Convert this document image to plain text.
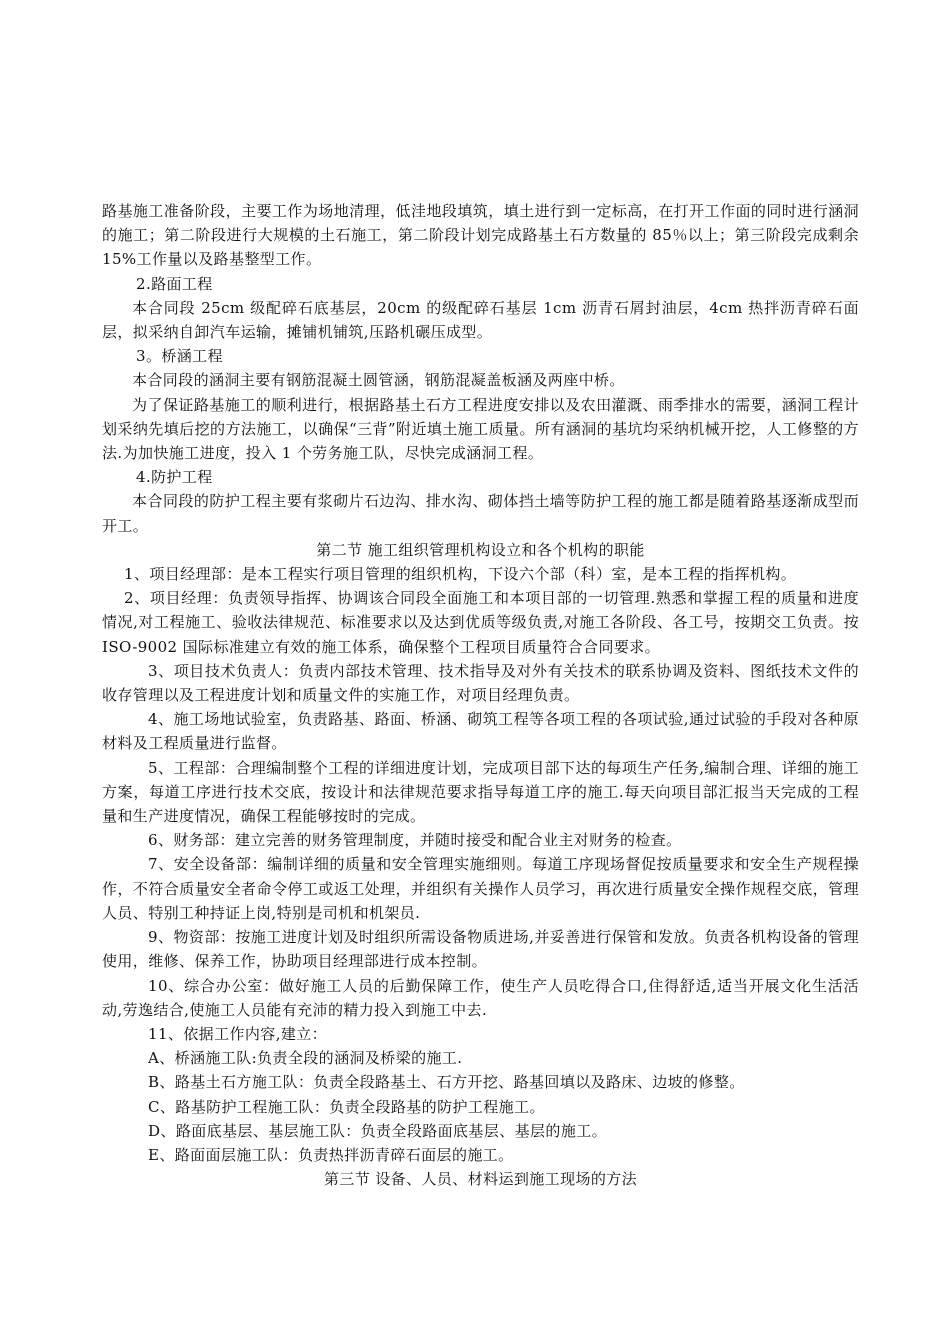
路基施工准备阶段，主要工作为场地清理，低洼地段填筑，填土进行到一定标高，在打开工作面的同时进行涵洞的施工；第二阶段进行大规模的土石施工，第二阶段计划完成路基土石方数量的 85％以上；第三阶段完成剩余 15%工作量以及路基整型工作。

2.路面工程

本合同段 25cm 级配碎石底基层，20cm 的级配碎石基层 1cm 沥青石屑封油层，4cm 热拌沥青碎石面层，拟采纳自卸汽车运输，摊铺机铺筑,压路机碾压成型。

3。桥涵工程

本合同段的涵洞主要有钢筋混凝土圆管涵，钢筋混凝盖板涵及两座中桥。

为了保证路基施工的顺利进行，根据路基土石方工程进度安排以及农田灌溉、雨季排水的需要，涵洞工程计划采纳先填后挖的方法施工，以确保“三背”附近填土施工质量。所有涵洞的基坑均采纳机械开挖，人工修整的方法.为加快施工进度，投入 1 个劳务施工队，尽快完成涵洞工程。

4.防护工程

本合同段的防护工程主要有浆砌片石边沟、排水沟、砌体挡土墙等防护工程的施工都是随着路基逐渐成型而开工。

第二节 施工组织管理机构设立和各个机构的职能

1、项目经理部：是本工程实行项目管理的组织机构，下设六个部（科）室，是本工程的指挥机构。

2、项目经理：负责领导指挥、协调该合同段全面施工和本项目部的一切管理.熟悉和掌握工程的质量和进度情况,对工程施工、验收法律规范、标准要求以及达到优质等级负责,对施工各阶段、各工号，按期交工负责。按 ISO-9002 国际标准建立有效的施工体系，确保整个工程项目质量符合合同要求。

3、项目技术负责人：负责内部技术管理、技术指导及对外有关技术的联系协调及资料、图纸技术文件的收存管理以及工程进度计划和质量文件的实施工作，对项目经理负责。

4、施工场地试验室，负责路基、路面、桥涵、砌筑工程等各项工程的各项试验,通过试验的手段对各种原材料及工程质量进行监督。

5、工程部：合理编制整个工程的详细进度计划，完成项目部下达的每项生产任务,编制合理、详细的施工方案，每道工序进行技术交底，按设计和法律规范要求指导每道工序的施工.每天向项目部汇报当天完成的工程量和生产进度情况，确保工程能够按时的完成。

6、财务部：建立完善的财务管理制度，并随时接受和配合业主对财务的检查。

7、安全设备部：编制详细的质量和安全管理实施细则。每道工序现场督促按质量要求和安全生产规程操作，不符合质量安全者命令停工或返工处理，并组织有关操作人员学习，再次进行质量安全操作规程交底，管理人员、特别工种持证上岗,特别是司机和机架员.

9、物资部：按施工进度计划及时组织所需设备物质进场,并妥善进行保管和发放。负责各机构设备的管理使用，维修、保养工作，协助项目经理部进行成本控制。

10、综合办公室：做好施工人员的后勤保障工作，使生产人员吃得合口,住得舒适,适当开展文化生活活动,劳逸结合,使施工人员能有充沛的精力投入到施工中去.

11、依据工作内容,建立：

A、桥涵施工队:负责全段的涵洞及桥梁的施工.

B、路基土石方施工队：负责全段路基土、石方开挖、路基回填以及路床、边坡的修整。

C、路基防护工程施工队：负责全段路基的防护工程施工。

D、路面底基层、基层施工队：负责全段路面底基层、基层的施工。

E、路面面层施工队：负责热拌沥青碎石面层的施工。

第三节 设备、人员、材料运到施工现场的方法
